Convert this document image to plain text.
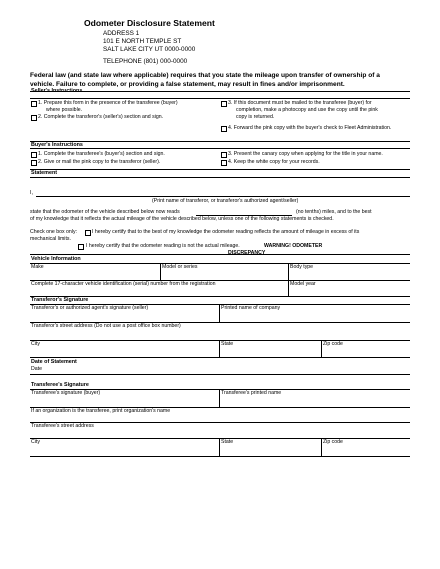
Odometer Disclosure Statement
ADDRESS 1
101 E NORTH TEMPLE ST
SALT LAKE CITY UT 0000-0000
TELEPHONE (801) 000-0000
Federal law (and state law where applicable) requires that you state the mileage upon transfer of ownership of a
vehicle. Failure to complete, or providing a false statement, may result in fines and/or imprisonment.
Seller's Instructions
1. Prepare this form in the presence of the transferee (buyer)
where possible.
2. Complete the transferor's (seller's) section and sign.
3. If this document must be mailed to the transferee (buyer) for
completion, make a photocopy and use the copy until the pink
copy is returned.
4. Forward the pink copy with the buyer's check to Fleet Administration.
Buyer's Instructions
1. Complete the transferee's (buyer's) section and sign.
2. Give or mail the pink copy to the transferor (seller).
3. Present the canary copy when applying for the title in your name.
4. Keep the white copy for your records.
Statement
I,
(Print name of transferor, or transferor's authorized agent/seller)
state that the odometer of the vehicle described below now reads	(no tenths) miles, and to the best
of my knowledge that it reflects the actual mileage of the vehicle described below, unless one of the following statements is checked.
Check one box only:	I hereby certify that to the best of my knowledge the odometer reading reflects the amount of mileage in excess of its
mechanical limits.
I hereby certify that the odometer reading is not the actual mileage.	WARNING! ODOMETER
DISCREPANCY
Vehicle Information
Make	Model or series	Body type
Complete 17-character vehicle identification (serial) number from the registration	Model year
Transferor's Signature
Transferor's or authorized agent's signature (seller)	Printed name of company
Transferor's street address (Do not use a post office box number)
City	State	Zip code
Date of Statement
Date
Transferee's Signature
Transferee's signature (buyer)	Transferee's printed name
If an organization is the transferee, print organization's name
Transferee's street address
City	State	Zip code
